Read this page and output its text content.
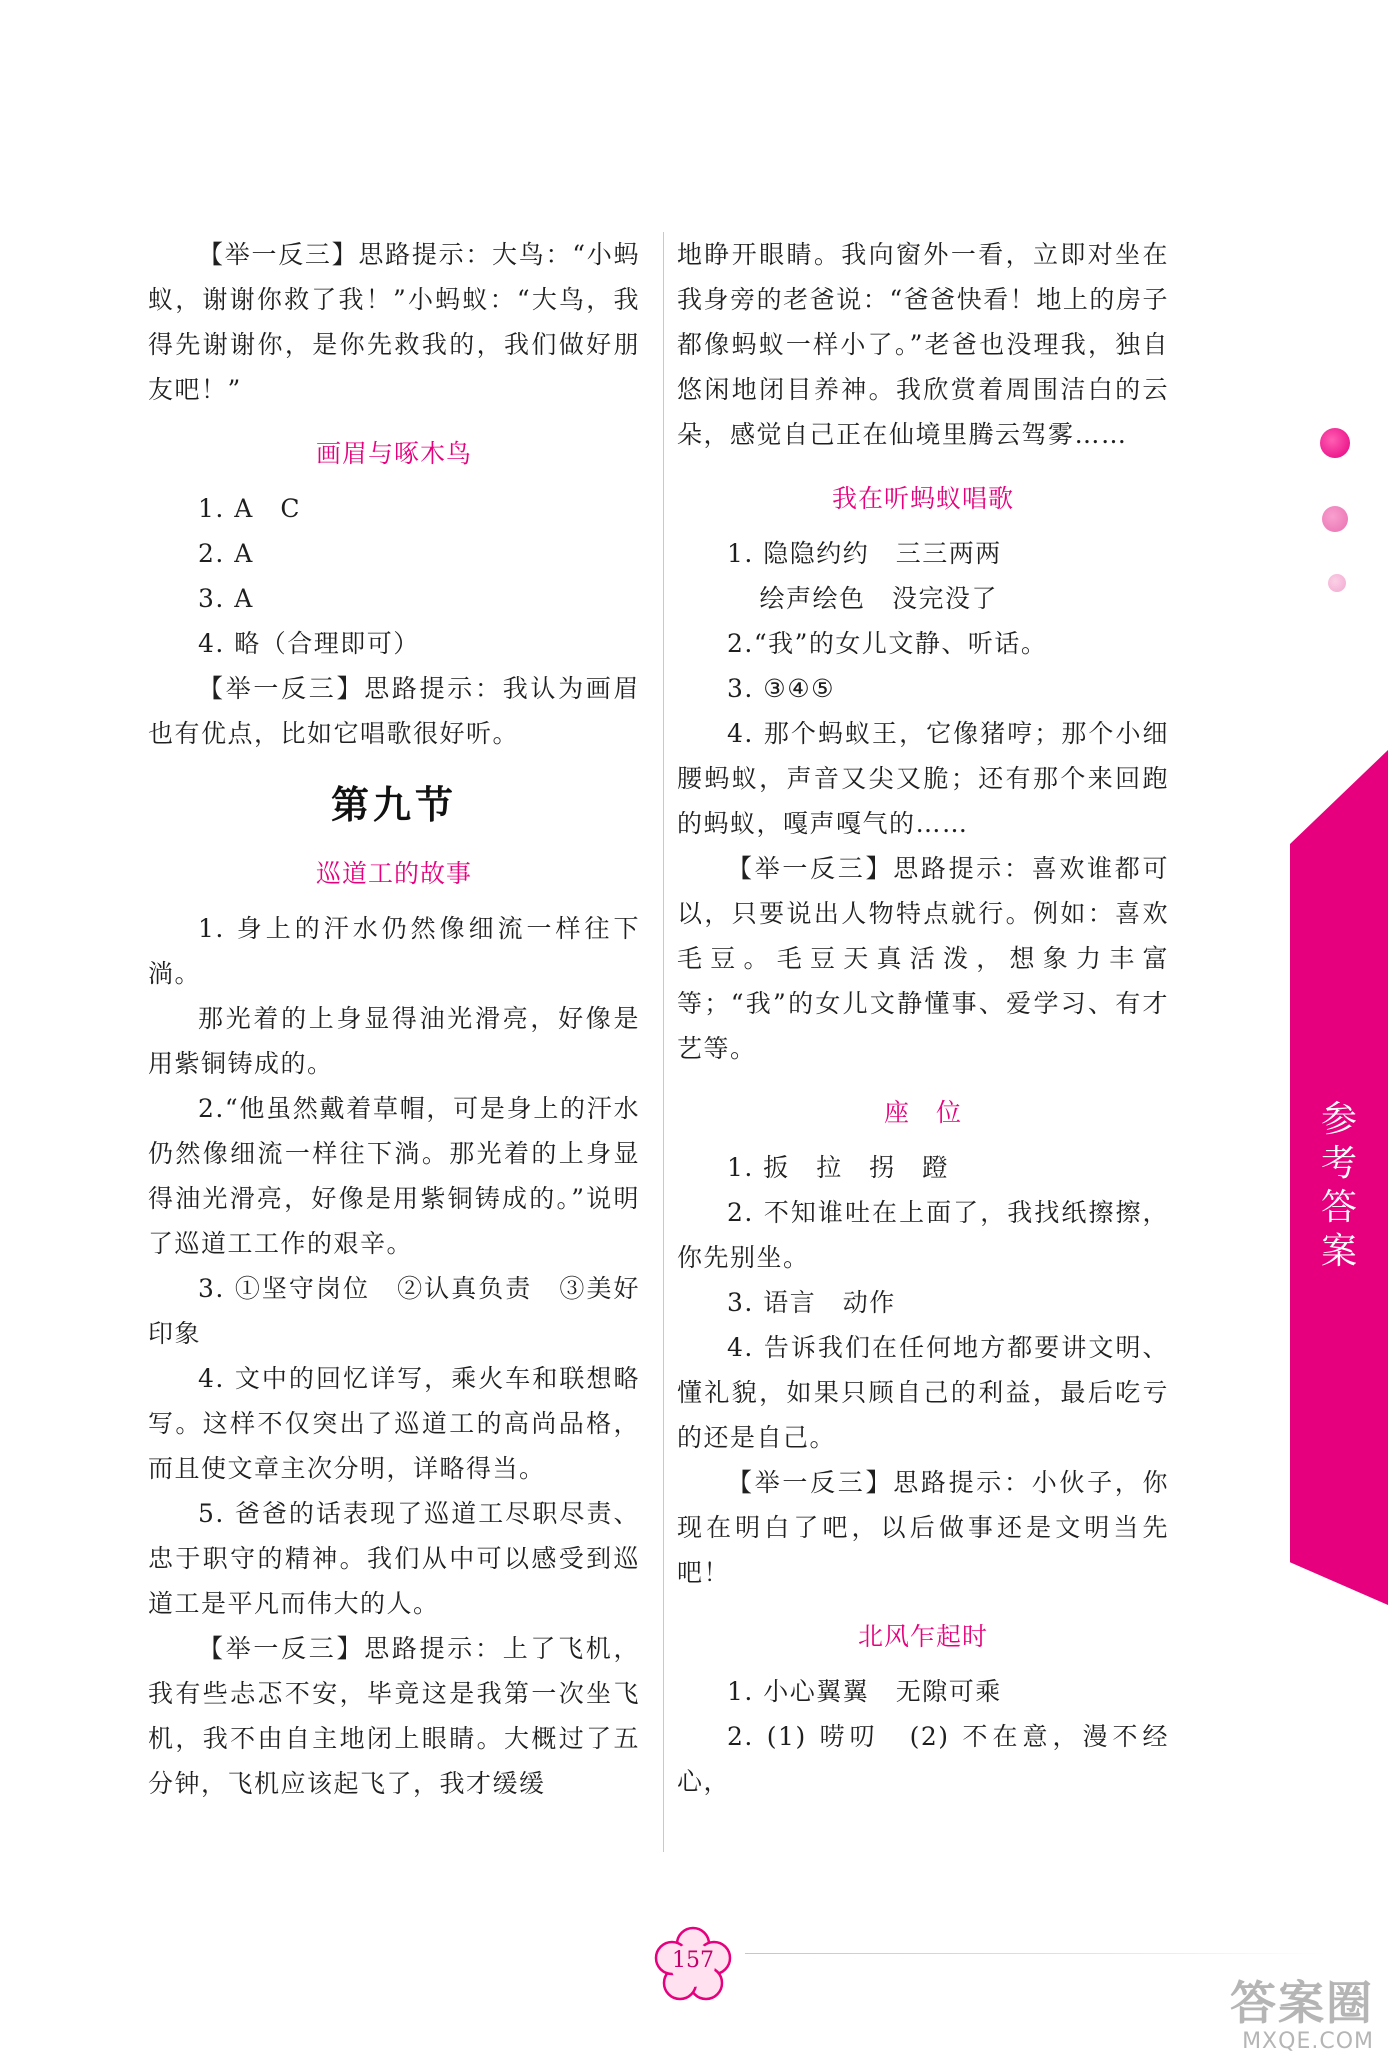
【举一反三】思路提示：大鸟：“小蚂蚁，谢谢你救了我！”小蚂蚁：“大鸟，我得先谢谢你，是你先救我的，我们做好朋友吧！”

画眉与啄木鸟

1. A　C

2. A

3. A

4. 略（合理即可）

【举一反三】思路提示：我认为画眉也有优点，比如它唱歌很好听。

第九节
巡道工的故事

1. 身上的汗水仍然像细流一样往下淌。

那光着的上身显得油光滑亮，好像是用紫铜铸成的。

2.“他虽然戴着草帽，可是身上的汗水仍然像细流一样往下淌。那光着的上身显得油光滑亮，好像是用紫铜铸成的。”说明了巡道工工作的艰辛。

3. ①坚守岗位　②认真负责　③美好印象

4. 文中的回忆详写，乘火车和联想略写。这样不仅突出了巡道工的高尚品格，而且使文章主次分明，详略得当。

5. 爸爸的话表现了巡道工尽职尽责、忠于职守的精神。我们从中可以感受到巡道工是平凡而伟大的人。

【举一反三】思路提示：上了飞机，我有些忐忑不安，毕竟这是我第一次坐飞机，我不由自主地闭上眼睛。大概过了五分钟，飞机应该起飞了，我才缓缓

地睁开眼睛。我向窗外一看，立即对坐在我身旁的老爸说：“爸爸快看！地上的房子都像蚂蚁一样小了。”老爸也没理我，独自悠闲地闭目养神。我欣赏着周围洁白的云朵，感觉自己正在仙境里腾云驾雾……

我在听蚂蚁唱歌

1. 隐隐约约　三三两两

绘声绘色　没完没了

2.“我”的女儿文静、听话。

3. ③④⑤

4. 那个蚂蚁王，它像猪哼；那个小细腰蚂蚁，声音又尖又脆；还有那个来回跑的蚂蚁，嘎声嘎气的……

【举一反三】思路提示：喜欢谁都可以，只要说出人物特点就行。例如：喜欢毛豆。毛豆天真活泼，想象力丰富等；“我”的女儿文静懂事、爱学习、有才艺等。

座　位

1. 扳　拉　拐　蹬

2. 不知谁吐在上面了，我找纸擦擦，你先别坐。

3. 语言　动作

4. 告诉我们在任何地方都要讲文明、懂礼貌，如果只顾自己的利益，最后吃亏的还是自己。

【举一反三】思路提示：小伙子，你现在明白了吧，以后做事还是文明当先吧！

北风乍起时

1. 小心翼翼　无隙可乘

2. (1) 唠叨　(2) 不在意，漫不经心，

参考答案
157
答案圈
MXQE.COM
